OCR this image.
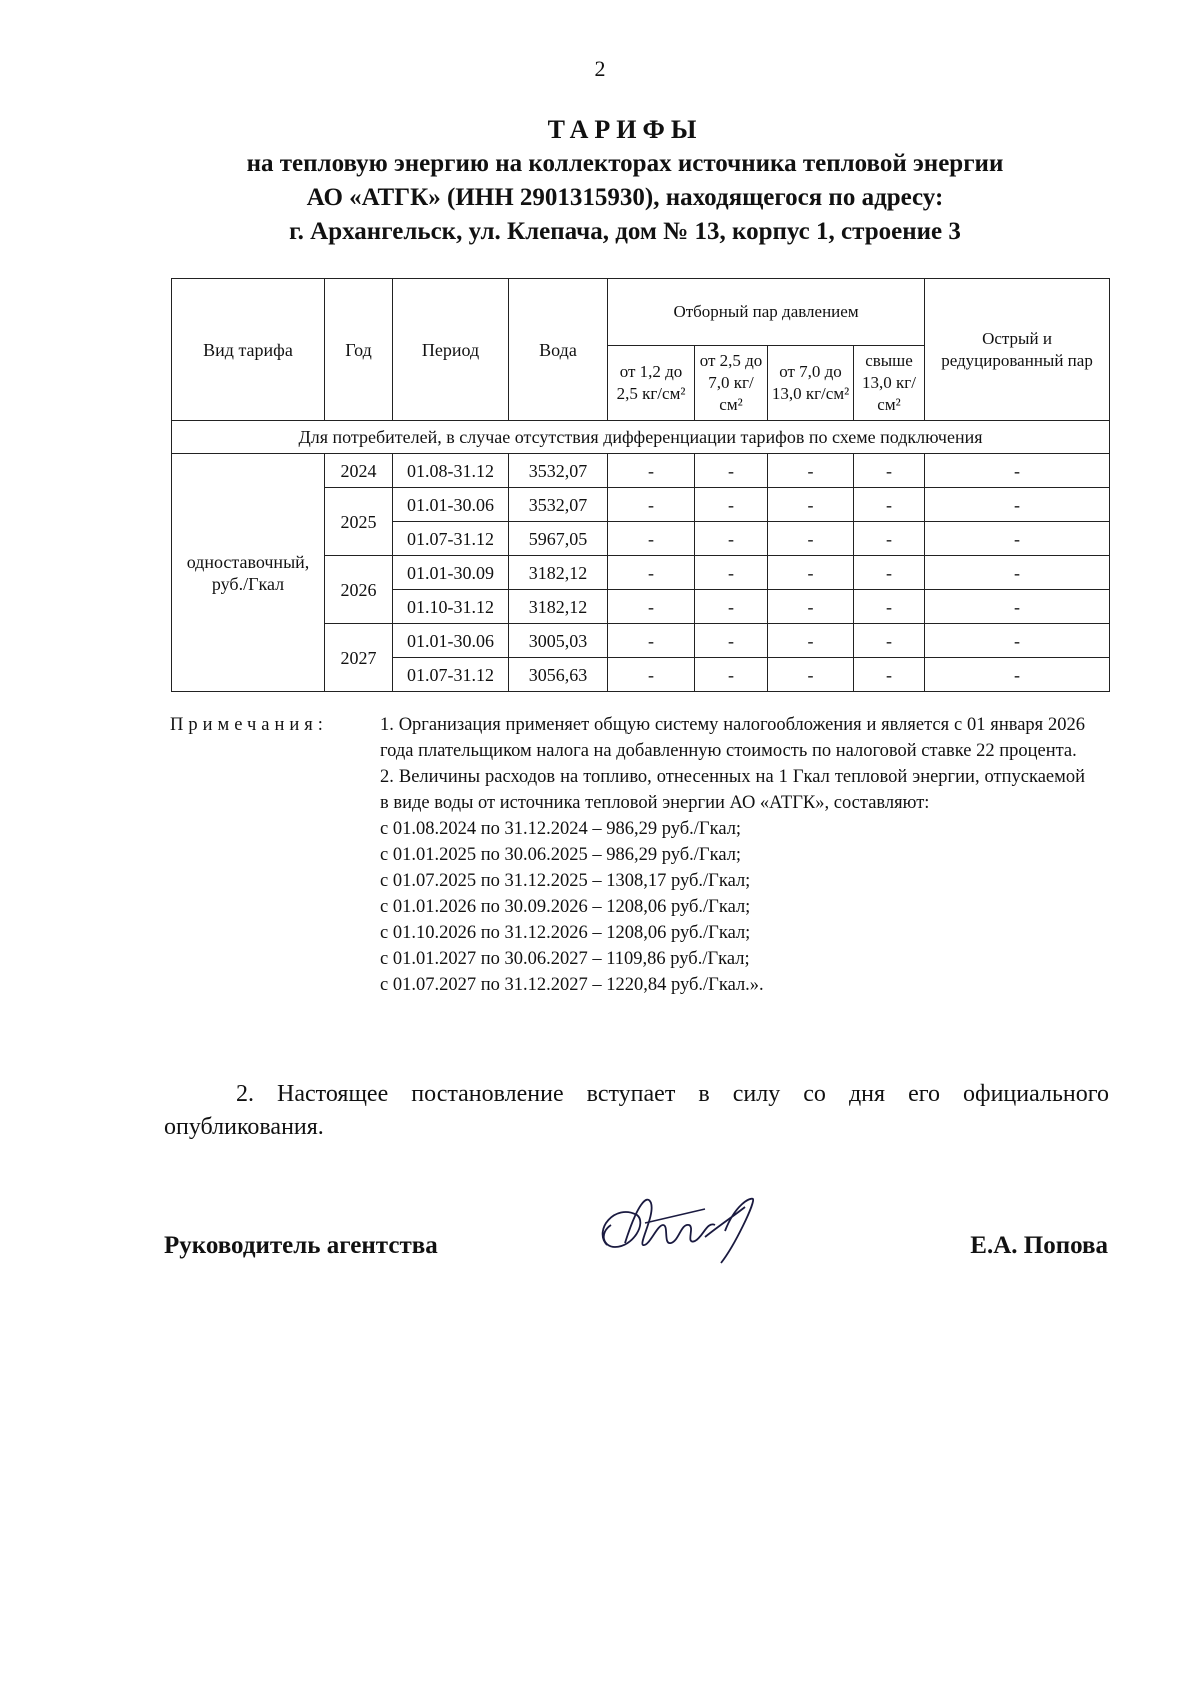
2
ТАРИФЫ
на тепловую энергию на коллекторах источника тепловой энергии
АО «АТГК» (ИНН 2901315930), находящегося по адресу:
г. Архангельск, ул. Клепача, дом № 13, корпус 1, строение 3
Вид тарифа	Год	Период	Вода	Отборный пар давлением				Острый и редуцированный пар
				от 1,2 до 2,5 кг/см²	от 2,5 до 7,0 кг/см²	от 7,0 до 13,0 кг/см²	свыше 13,0 кг/см²	
Для потребителей, в случае отсутствия дифференциации тарифов по схеме подключения								
одноставочный, руб./Гкал	2024	01.08-31.12	3532,07	-	-	-	-	-
	2025	01.01-30.06	3532,07	-	-	-	-	-
		01.07-31.12	5967,05	-	-	-	-	-
	2026	01.01-30.09	3182,12	-	-	-	-	-
		01.10-31.12	3182,12	-	-	-	-	-
	2027	01.01-30.06	3005,03	-	-	-	-	-
		01.07-31.12	3056,63	-	-	-	-	-
Примечания:	1. Организация применяет общую систему налогообложения и является с 01 января 2026 года плательщиком налога на добавленную стоимость по налоговой ставке 22 процента.

2. Величины расходов на топливо, отнесенных на 1 Гкал тепловой энергии, отпускаемой в виде воды от источника тепловой энергии АО «АТГК», составляют:

с 01.08.2024 по 31.12.2024 – 986,29 руб./Гкал;
с 01.01.2025 по 30.06.2025 – 986,29 руб./Гкал;
с 01.07.2025 по 31.12.2025 – 1308,17 руб./Гкал;
с 01.01.2026 по 30.09.2026 – 1208,06 руб./Гкал;
с 01.10.2026 по 31.12.2026 – 1208,06 руб./Гкал;
с 01.01.2027 по 30.06.2027 – 1109,86 руб./Гкал;
с 01.07.2027 по 31.12.2027 – 1220,84 руб./Гкал.».
2. Настоящее постановление вступает в силу со дня его официального опубликования.
Руководитель агентства	Е.А. Попова
